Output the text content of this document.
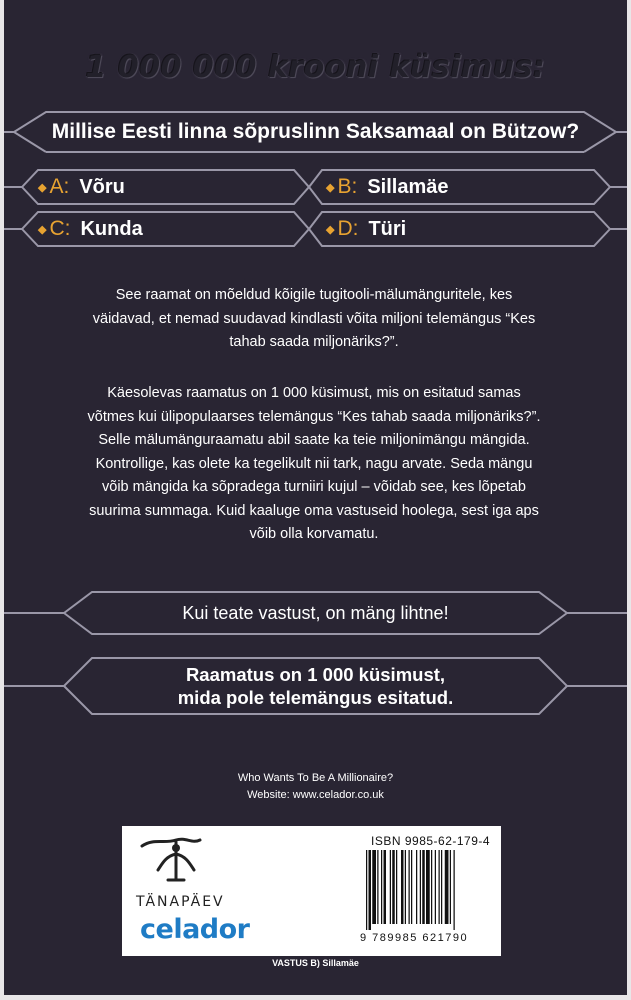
1 000 000 krooni küsimus:
Millise Eesti linna sõpruslinn Saksamaal on Bützow?
◆ A: Võru	◆ B: Sillamäe
◆ C: Kunda	◆ D: Türi
See raamat on mõeldud kõigile tugitooli-mälumänguritele, kes väidavad, et nemad suudavad kindlasti võita miljoni telemängus “Kes tahab saada miljonäriks?”.
Käesolevas raamatus on 1 000 küsimust, mis on esitatud samas võtmes kui ülipopulaarses telemängus “Kes tahab saada miljonäriks?”. Selle mälumänguraamatu abil saate ka teie miljonimängu mängida. Kontrollige, kas olete ka tegelikult nii tark, nagu arvate. Seda mängu võib mängida ka sõpradega turniiri kujul – võidab see, kes lõpetab suurima summaga. Kuid kaaluge oma vastuseid hoolega, sest iga aps võib olla korvamatu.
Kui teate vastust, on mäng lihtne!
Raamatus on 1 000 küsimust,
mida pole telemängus esitatud.
Who Wants To Be A Millionaire?
Website: www.celador.co.uk
TÄNAPÄEV
celador
ISBN 9985-62-179-4
9 789985 621790
VASTUS B) Sillamäe
